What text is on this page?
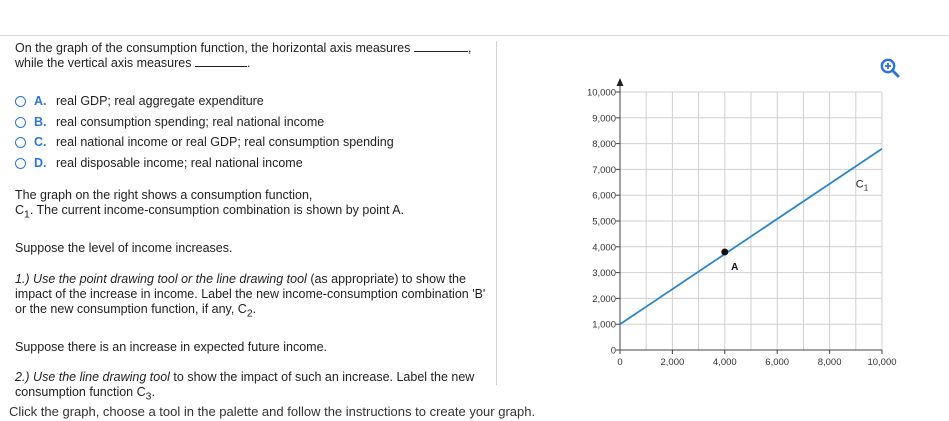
On the graph of the consumption function, the horizontal axis measures	,
while the vertical axis measures	.

A. real GDP; real aggregate expenditure
B. real consumption spending; real national income
C. real national income or real GDP; real consumption spending
D. real disposable income; real national income

The graph on the right shows a consumption function,
$C_1$. The current income-consumption combination is shown by point A.

Suppose the level of income increases.

1.) Use the point drawing tool or the line drawing tool (as appropriate) to show the impact of the increase in income. Label the new income-consumption combination 'B' or the new consumption function, if any, $C_2$.

Suppose there is an increase in expected future income.

2.) Use the line drawing tool to show the impact of such an increase. Label the new consumption function $C_3$.

0
1,000
2,000
3,000
4,000
5,000
6,000
7,000
8,000
9,000
10,000
0	2,000	4,000	6,000	8,000	10,000
$C_1$
A
Click the graph, choose a tool in the palette and follow the instructions to create your graph.
